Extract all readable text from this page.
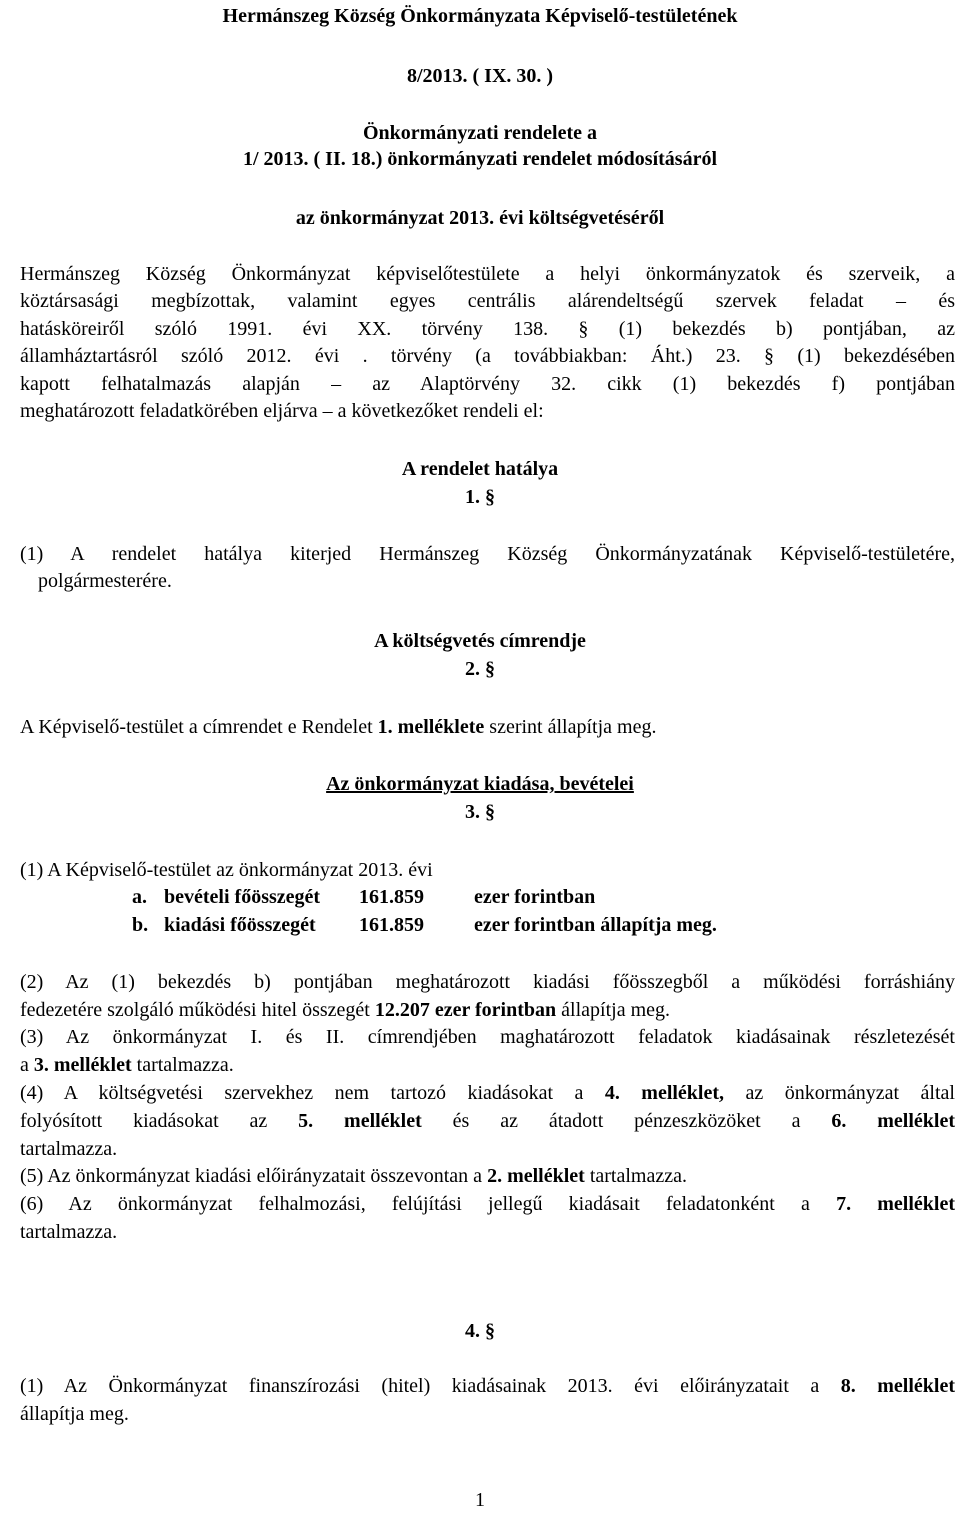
Hermánszeg Község Önkormányzata Képviselő-testületének
8/2013. ( IX. 30. )
Önkormányzati rendelete a
1/ 2013. ( II. 18.) önkormányzati rendelet módosításáról
az önkormányzat 2013. évi költségvetéséről
Hermánszeg Község Önkormányzat képviselőtestülete a helyi önkormányzatok és szerveik, a
köztársasági megbízottak, valamint egyes centrális alárendeltségű szervek feladat – és
hatásköreiről szóló 1991. évi XX. törvény 138. § (1) bekezdés b) pontjában, az
államháztartásról szóló 2012. évi . törvény (a továbbiakban: Áht.) 23. § (1) bekezdésében
kapott felhatalmazás alapján – az Alaptörvény 32. cikk (1) bekezdés f) pontjában
meghatározott feladatkörében eljárva – a következőket rendeli el:
A rendelet hatálya
1. §
(1) A rendelet hatálya kiterjed Hermánszeg Község Önkormányzatának Képviselő-testületére,
polgármesterére.
A költségvetés címrendje
2. §
A Képviselő-testület a címrendet e Rendelet 1. melléklete szerint állapítja meg.
Az önkormányzat kiadása, bevételei
3. §
(1) A Képviselő-testület az önkormányzat 2013. évi
a. bevételi főösszegét 161.859	ezer forintban
b. kiadási főösszegét 161.859	ezer forintban állapítja meg.
(2) Az (1) bekezdés b) pontjában meghatározott kiadási főösszegből a működési forráshiány
fedezetére szolgáló működési hitel összegét 12.207 ezer forintban állapítja meg.
(3) Az önkormányzat I. és II. címrendjében maghatározott feladatok kiadásainak részletezését
a 3. melléklet tartalmazza.
(4) A költségvetési szervekhez nem tartozó kiadásokat a 4. melléklet, az önkormányzat által
folyósított kiadásokat az 5. melléklet és az átadott pénzeszközöket a 6. melléklet
tartalmazza.
(5) Az önkormányzat kiadási előirányzatait összevontan a 2. melléklet tartalmazza.
(6) Az önkormányzat felhalmozási, felújítási jellegű kiadásait feladatonként a 7. melléklet
tartalmazza.
4. §
(1) Az Önkormányzat finanszírozási (hitel) kiadásainak 2013. évi előirányzatait a 8. melléklet
állapítja meg.
1
